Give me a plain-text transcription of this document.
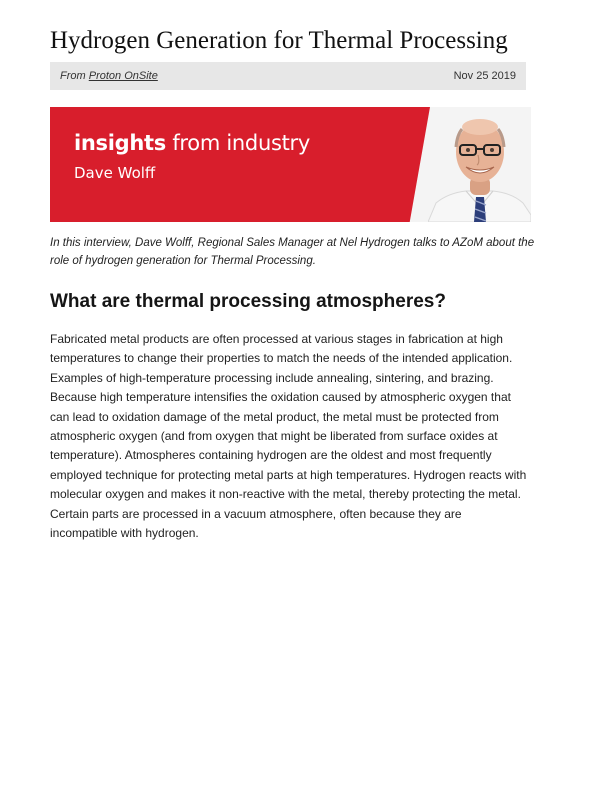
Hydrogen Generation for Thermal Processing
From Proton OnSite	Nov 25 2019
insights from industry
Dave Wolff

In this interview, Dave Wolff, Regional Sales Manager at Nel Hydrogen talks to AZoM about the role of hydrogen generation for Thermal Processing.

What are thermal processing atmospheres?

Fabricated metal products are often processed at various stages in fabrication at high temperatures to change their properties to match the needs of the intended application. Examples of high-temperature processing include annealing, sintering, and brazing. Because high temperature intensifies the oxidation caused by atmospheric oxygen that can lead to oxidation damage of the metal product, the metal must be protected from atmospheric oxygen (and from oxygen that might be liberated from surface oxides at temperature). Atmospheres containing hydrogen are the oldest and most frequently employed technique for protecting metal parts at high temperatures. Hydrogen reacts with molecular oxygen and makes it non-reactive with the metal, thereby protecting the metal. Certain parts are processed in a vacuum atmosphere, often because they are incompatible with hydrogen.
